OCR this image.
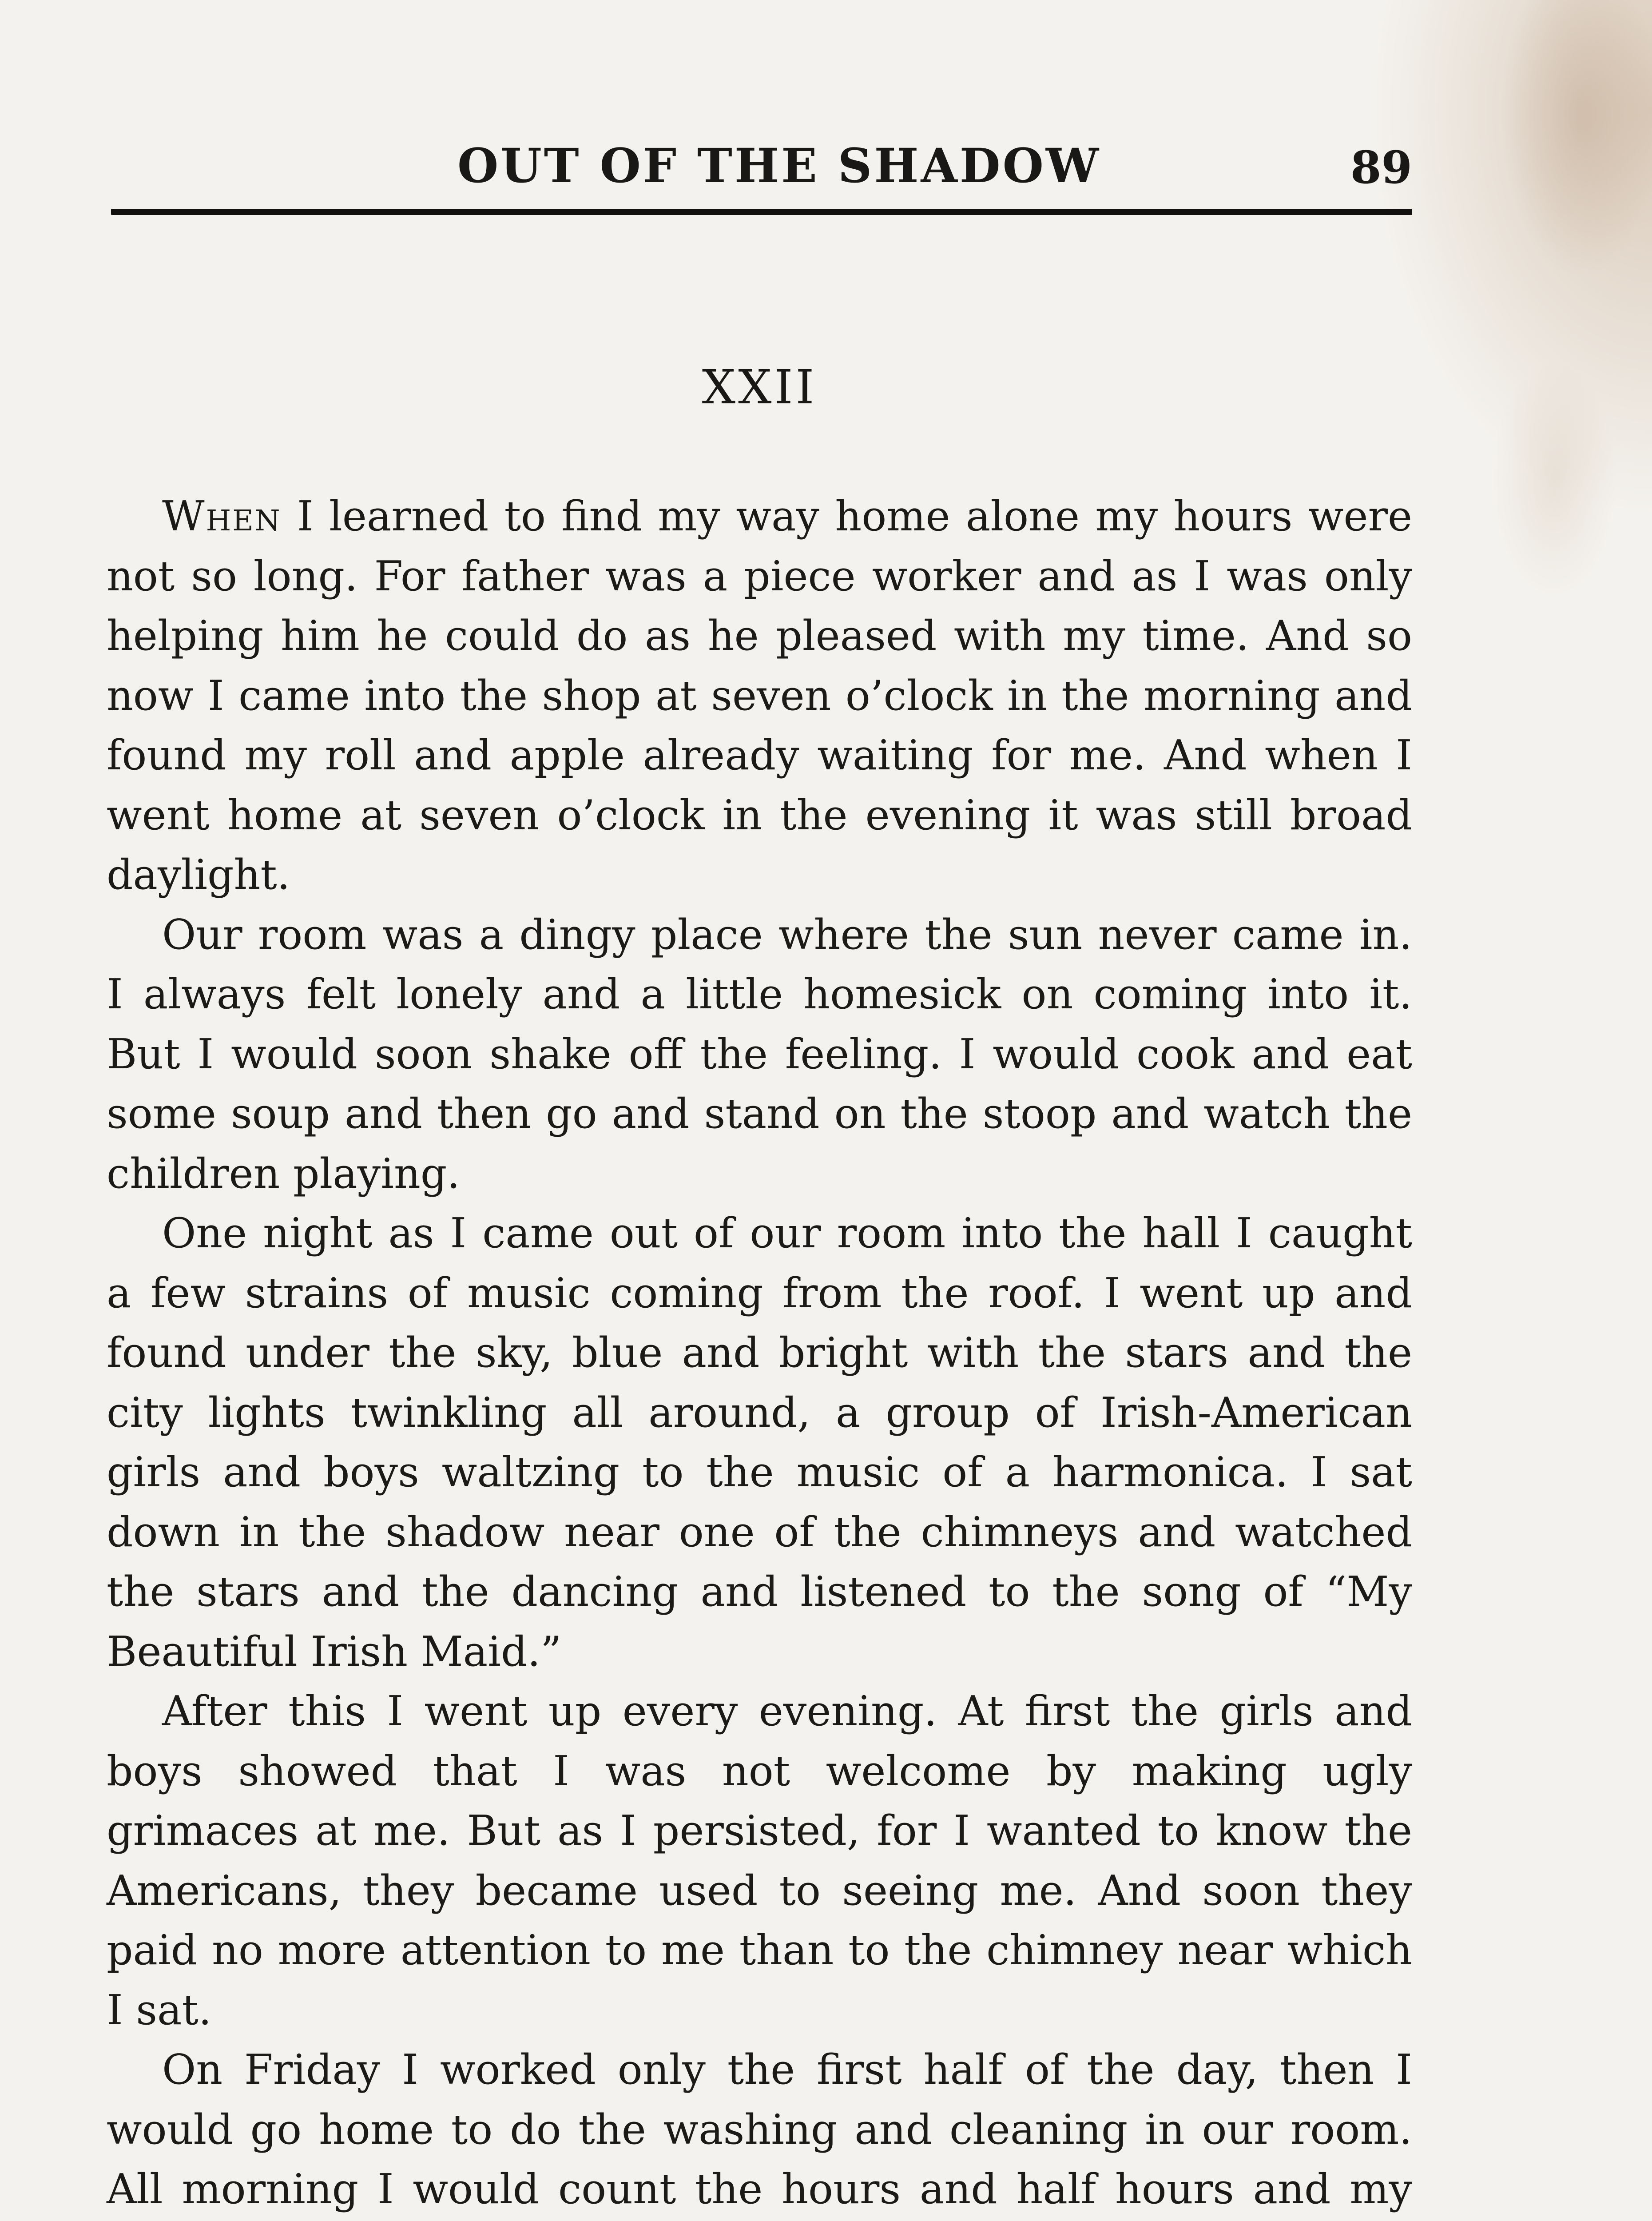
OUT OF THE SHADOW	89
XXII

When I learned to find my way home alone my hours were not so long. For father was a piece worker and as I was only helping him he could do as he pleased with my time. And so now I came into the shop at seven o’clock in the morning and found my roll and apple already waiting for me. And when I went home at seven o’clock in the evening it was still broad daylight.

Our room was a dingy place where the sun never came in. I always felt lonely and a little homesick on coming into it. But I would soon shake off the feeling. I would cook and eat some soup and then go and stand on the stoop and watch the children playing.

One night as I came out of our room into the hall I caught a few strains of music coming from the roof. I went up and found under the sky, blue and bright with the stars and the city lights twinkling all around, a group of Irish-American girls and boys waltzing to the music of a harmonica. I sat down in the shadow near one of the chimneys and watched the stars and the dancing and listened to the song of “My Beautiful Irish Maid.”

After this I went up every evening. At first the girls and boys showed that I was not welcome by making ugly grimaces at me. But as I persisted, for I wanted to know the Americans, they became used to seeing me. And soon they paid no more attention to me than to the chimney near which I sat.

On Friday I worked only the first half of the day, then I would go home to do the washing and cleaning in our room. All morning I would count the hours and half hours and my
